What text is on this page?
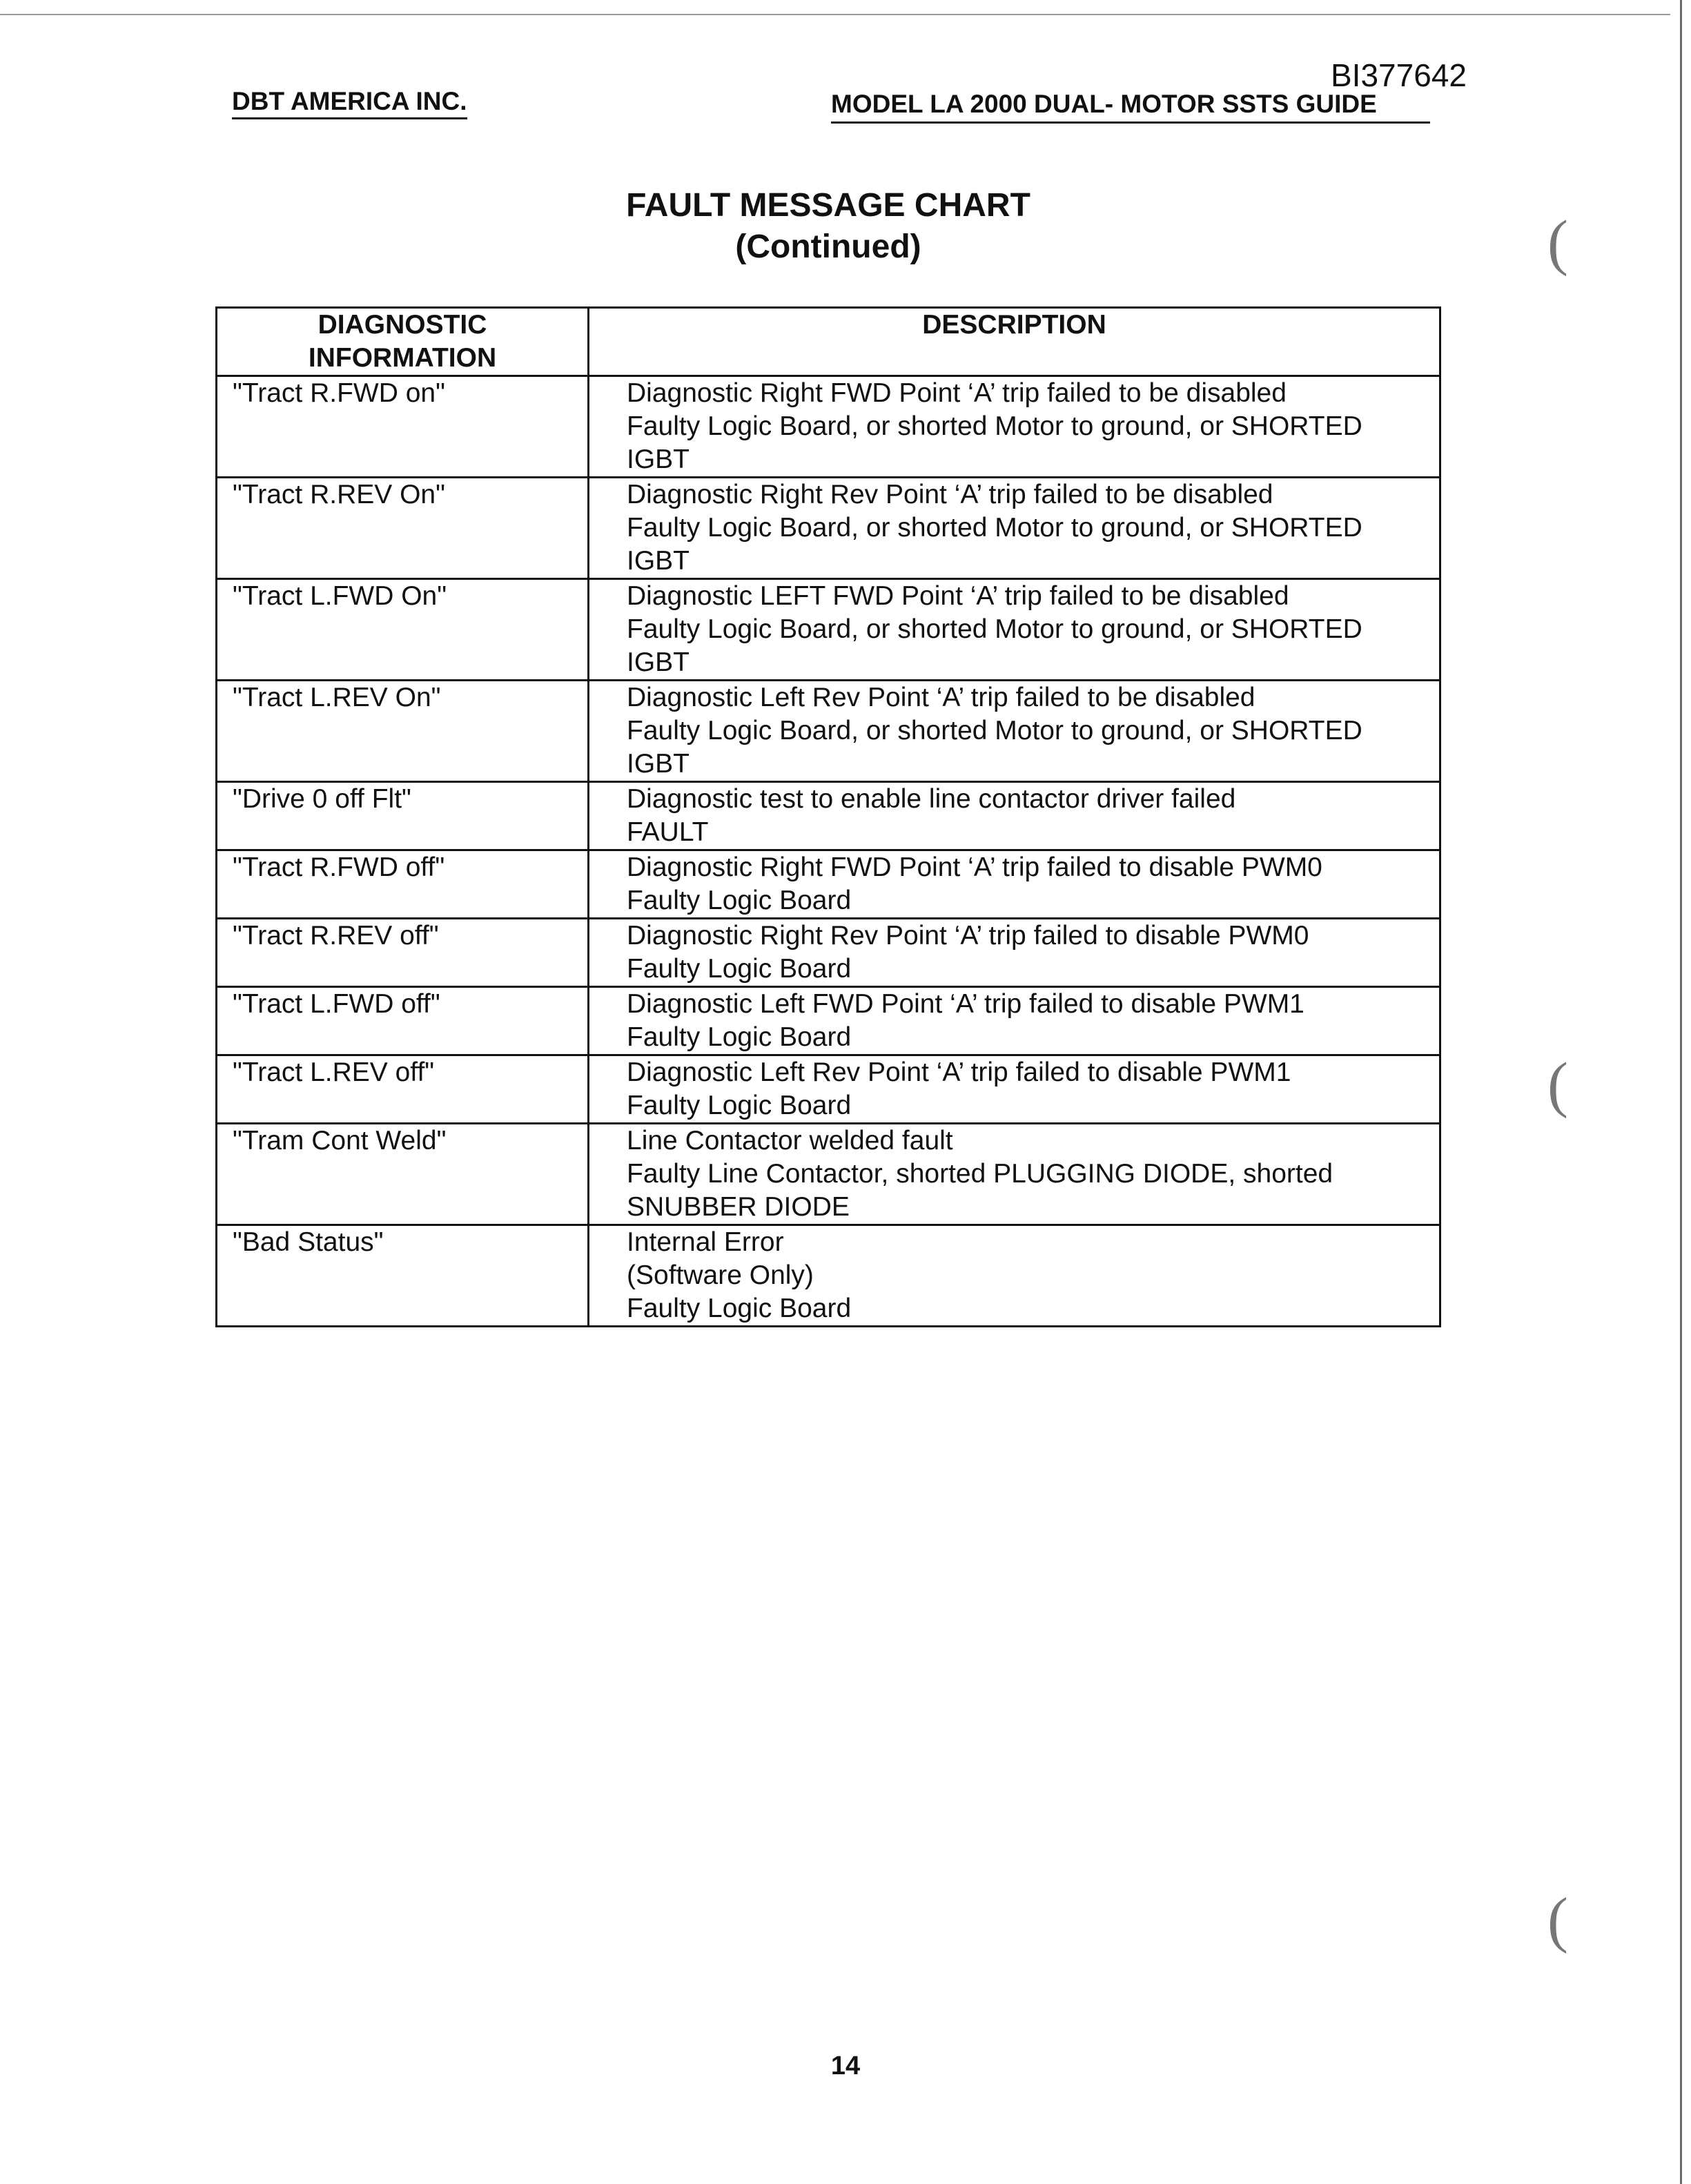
BI377642
DBT AMERICA INC.	MODEL LA 2000 DUAL- MOTOR SSTS GUIDE
FAULT MESSAGE CHART
(Continued)
DIAGNOSTIC
INFORMATION	DESCRIPTION
"Tract R.FWD on"	Diagnostic Right FWD Point ‘A’ trip failed to be disabled
Faulty Logic Board, or shorted Motor to ground, or SHORTED
IGBT

"Tract R.REV On"	Diagnostic Right Rev Point ‘A’ trip failed to be disabled
Faulty Logic Board, or shorted Motor to ground, or SHORTED
IGBT

"Tract L.FWD On"	Diagnostic LEFT FWD Point ‘A’ trip failed to be disabled
Faulty Logic Board, or shorted Motor to ground, or SHORTED
IGBT

"Tract L.REV On"	Diagnostic Left Rev Point ‘A’ trip failed to be disabled
Faulty Logic Board, or shorted Motor to ground, or SHORTED
IGBT

"Drive 0 off Flt"	Diagnostic test to enable line contactor driver failed
FAULT

"Tract R.FWD off"	Diagnostic Right FWD Point ‘A’ trip failed to disable PWM0
Faulty Logic Board

"Tract R.REV off"	Diagnostic Right Rev Point ‘A’ trip failed to disable PWM0
Faulty Logic Board

"Tract L.FWD off"	Diagnostic Left FWD Point ‘A’ trip failed to disable PWM1
Faulty Logic Board

"Tract L.REV off"	Diagnostic Left Rev Point ‘A’ trip failed to disable PWM1
Faulty Logic Board

"Tram Cont Weld"	Line Contactor welded fault
Faulty Line Contactor, shorted PLUGGING DIODE, shorted
SNUBBER DIODE

"Bad Status"	Internal Error
(Software Only)
Faulty Logic Board
14
(
(
(
